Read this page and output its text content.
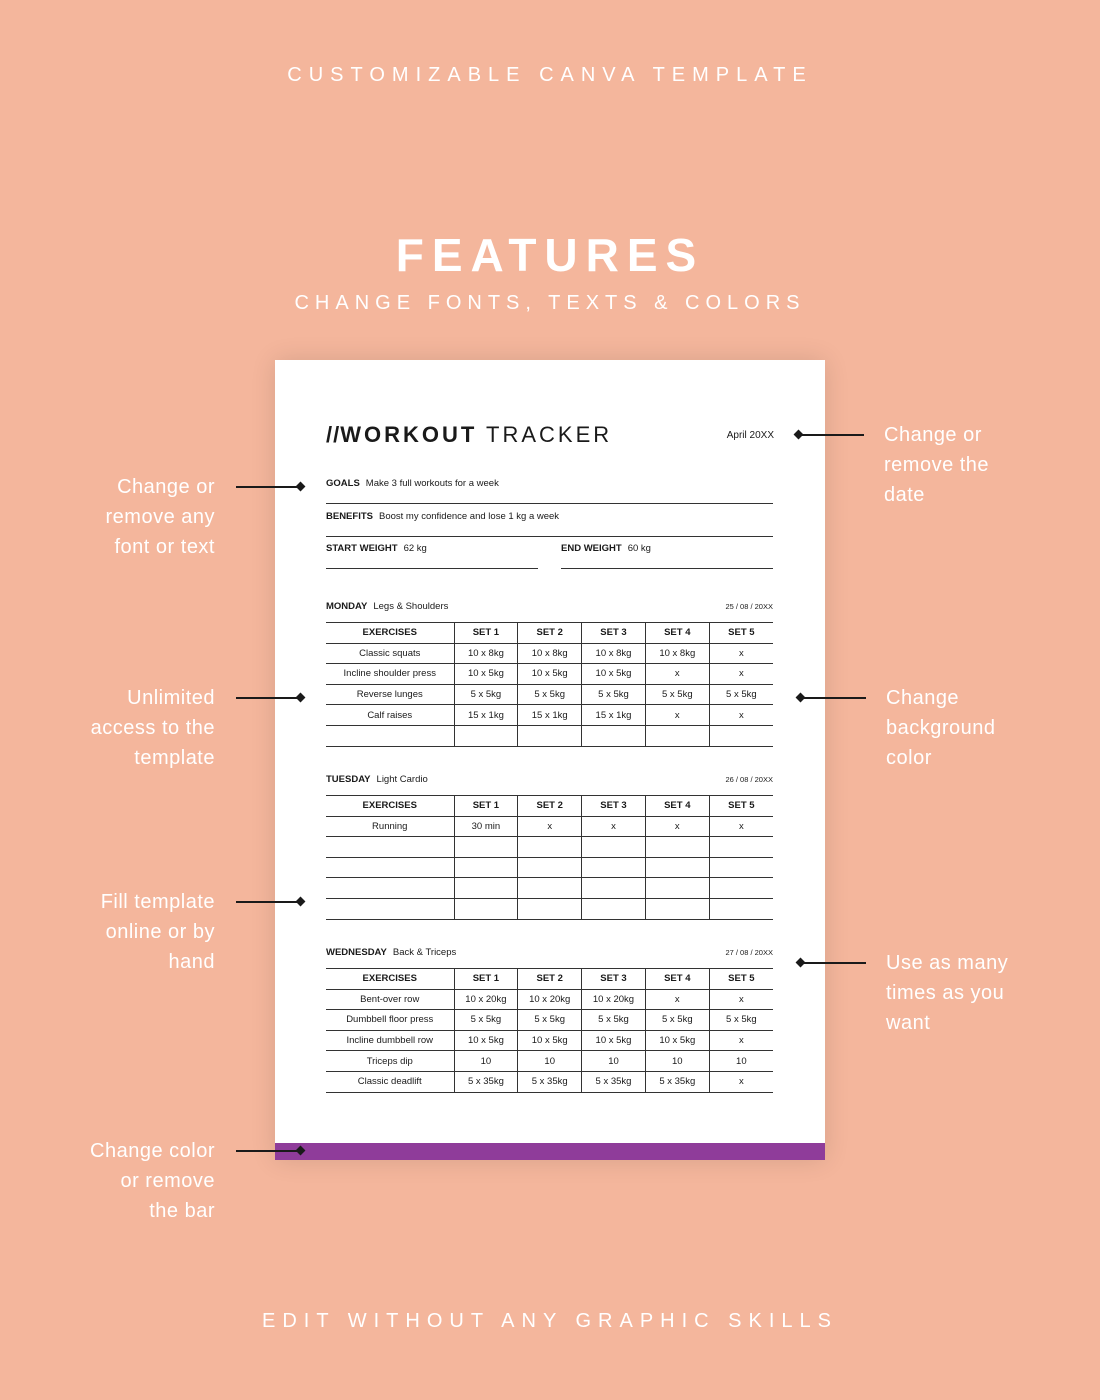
CUSTOMIZABLE CANVA TEMPLATE
FEATURES
CHANGE FONTS, TEXTS & COLORS
Change or
remove any
font or text
Unlimited
access to the
template
Fill template
online or by
hand
Change color
or remove
the bar
Change or
remove the
date
Change
background
color
Use as many
times as you
want
//WORKOUT TRACKER	April 20XX
GOALS Make 3 full workouts for a week
BENEFITS Boost my confidence and lose 1 kg a week
START WEIGHT 62 kg	END WEIGHT 60 kg
MONDAY Legs & Shoulders	25 / 08 / 20XX
EXERCISES	SET 1	SET 2	SET 3	SET 4	SET 5
Classic squats	10 x 8kg	10 x 8kg	10 x 8kg	10 x 8kg	x
Incline shoulder press	10 x 5kg	10 x 5kg	10 x 5kg	x	x
Reverse lunges	5 x 5kg	5 x 5kg	5 x 5kg	5 x 5kg	5 x 5kg
Calf raises	15 x 1kg	15 x 1kg	15 x 1kg	x	x

TUESDAY Light Cardio	26 / 08 / 20XX
EXERCISES	SET 1	SET 2	SET 3	SET 4	SET 5
Running	30 min	x	x	x	x

WEDNESDAY Back & Triceps	27 / 08 / 20XX
EXERCISES	SET 1	SET 2	SET 3	SET 4	SET 5
Bent-over row	10 x 20kg	10 x 20kg	10 x 20kg	x	x
Dumbbell floor press	5 x 5kg	5 x 5kg	5 x 5kg	5 x 5kg	5 x 5kg
Incline dumbbell row	10 x 5kg	10 x 5kg	10 x 5kg	10 x 5kg	x
Triceps dip	10	10	10	10	10
Classic deadlift	5 x 35kg	5 x 35kg	5 x 35kg	5 x 35kg	x
EDIT WITHOUT ANY GRAPHIC SKILLS
